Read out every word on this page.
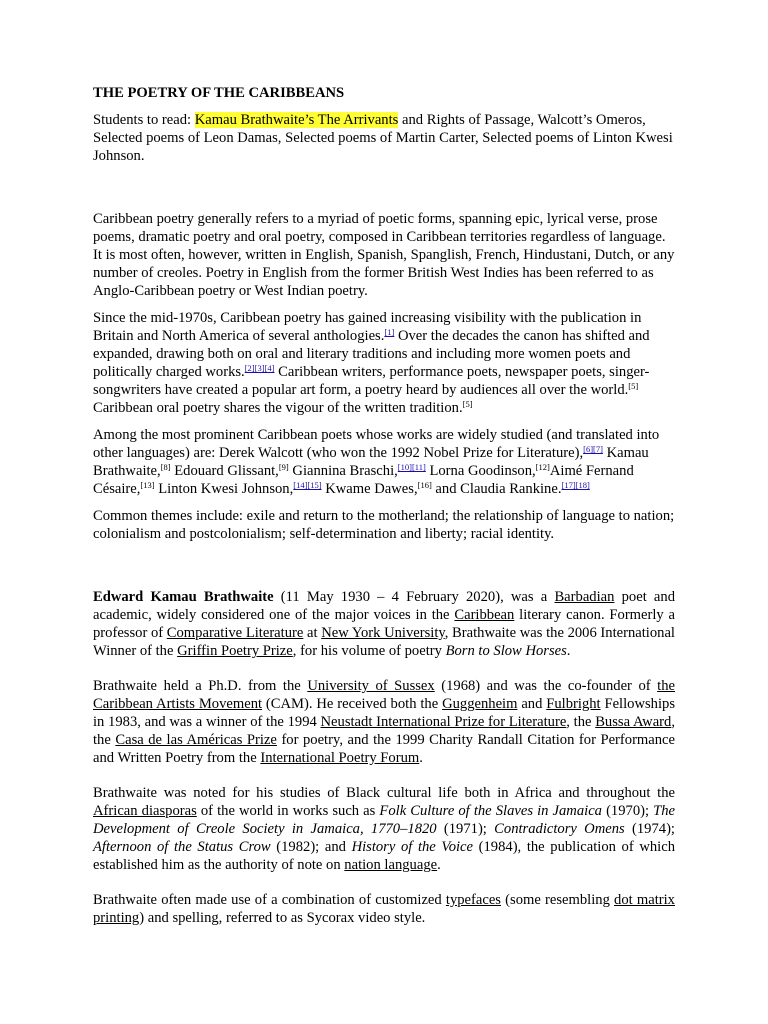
THE POETRY OF THE CARIBBEANS

Students to read: Kamau Brathwaite’s The Arrivants and Rights of Passage, Walcott’s Omeros, Selected poems of Leon Damas, Selected poems of Martin Carter, Selected poems of Linton Kwesi Johnson.

Caribbean poetry generally refers to a myriad of poetic forms, spanning epic, lyrical verse, prose poems, dramatic poetry and oral poetry, composed in Caribbean territories regardless of language. It is most often, however, written in English, Spanish, Spanglish, French, Hindustani, Dutch, or any number of creoles. Poetry in English from the former British West Indies has been referred to as Anglo-Caribbean poetry or West Indian poetry.

Since the mid-1970s, Caribbean poetry has gained increasing visibility with the publication in Britain and North America of several anthologies.[1] Over the decades the canon has shifted and expanded, drawing both on oral and literary traditions and including more women poets and politically charged works.[2][3][4] Caribbean writers, performance poets, newspaper poets, singer-songwriters have created a popular art form, a poetry heard by audiences all over the world.[5] Caribbean oral poetry shares the vigour of the written tradition.[5]

Among the most prominent Caribbean poets whose works are widely studied (and translated into other languages) are: Derek Walcott (who won the 1992 Nobel Prize for Literature),[6][7] Kamau Brathwaite,[8] Edouard Glissant,[9] Giannina Braschi,[10][11] Lorna Goodinson,[12]Aimé Fernand Césaire,[13] Linton Kwesi Johnson,[14][15] Kwame Dawes,[16] and Claudia Rankine.[17][18]

Common themes include: exile and return to the motherland; the relationship of language to nation; colonialism and postcolonialism; self-determination and liberty; racial identity.

Edward Kamau Brathwaite (11 May 1930 – 4 February 2020), was a Barbadian poet and academic, widely considered one of the major voices in the Caribbean literary canon. Formerly a professor of Comparative Literature at New York University, Brathwaite was the 2006 International Winner of the Griffin Poetry Prize, for his volume of poetry Born to Slow Horses.

Brathwaite held a Ph.D. from the University of Sussex (1968) and was the co-founder of the Caribbean Artists Movement (CAM). He received both the Guggenheim and Fulbright Fellowships in 1983, and was a winner of the 1994 Neustadt International Prize for Literature, the Bussa Award, the Casa de las Américas Prize for poetry, and the 1999 Charity Randall Citation for Performance and Written Poetry from the International Poetry Forum.

Brathwaite was noted for his studies of Black cultural life both in Africa and throughout the African diasporas of the world in works such as Folk Culture of the Slaves in Jamaica (1970); The Development of Creole Society in Jamaica, 1770–1820 (1971); Contradictory Omens (1974); Afternoon of the Status Crow (1982); and History of the Voice (1984), the publication of which established him as the authority of note on nation language.

Brathwaite often made use of a combination of customized typefaces (some resembling dot matrix printing) and spelling, referred to as Sycorax video style.
